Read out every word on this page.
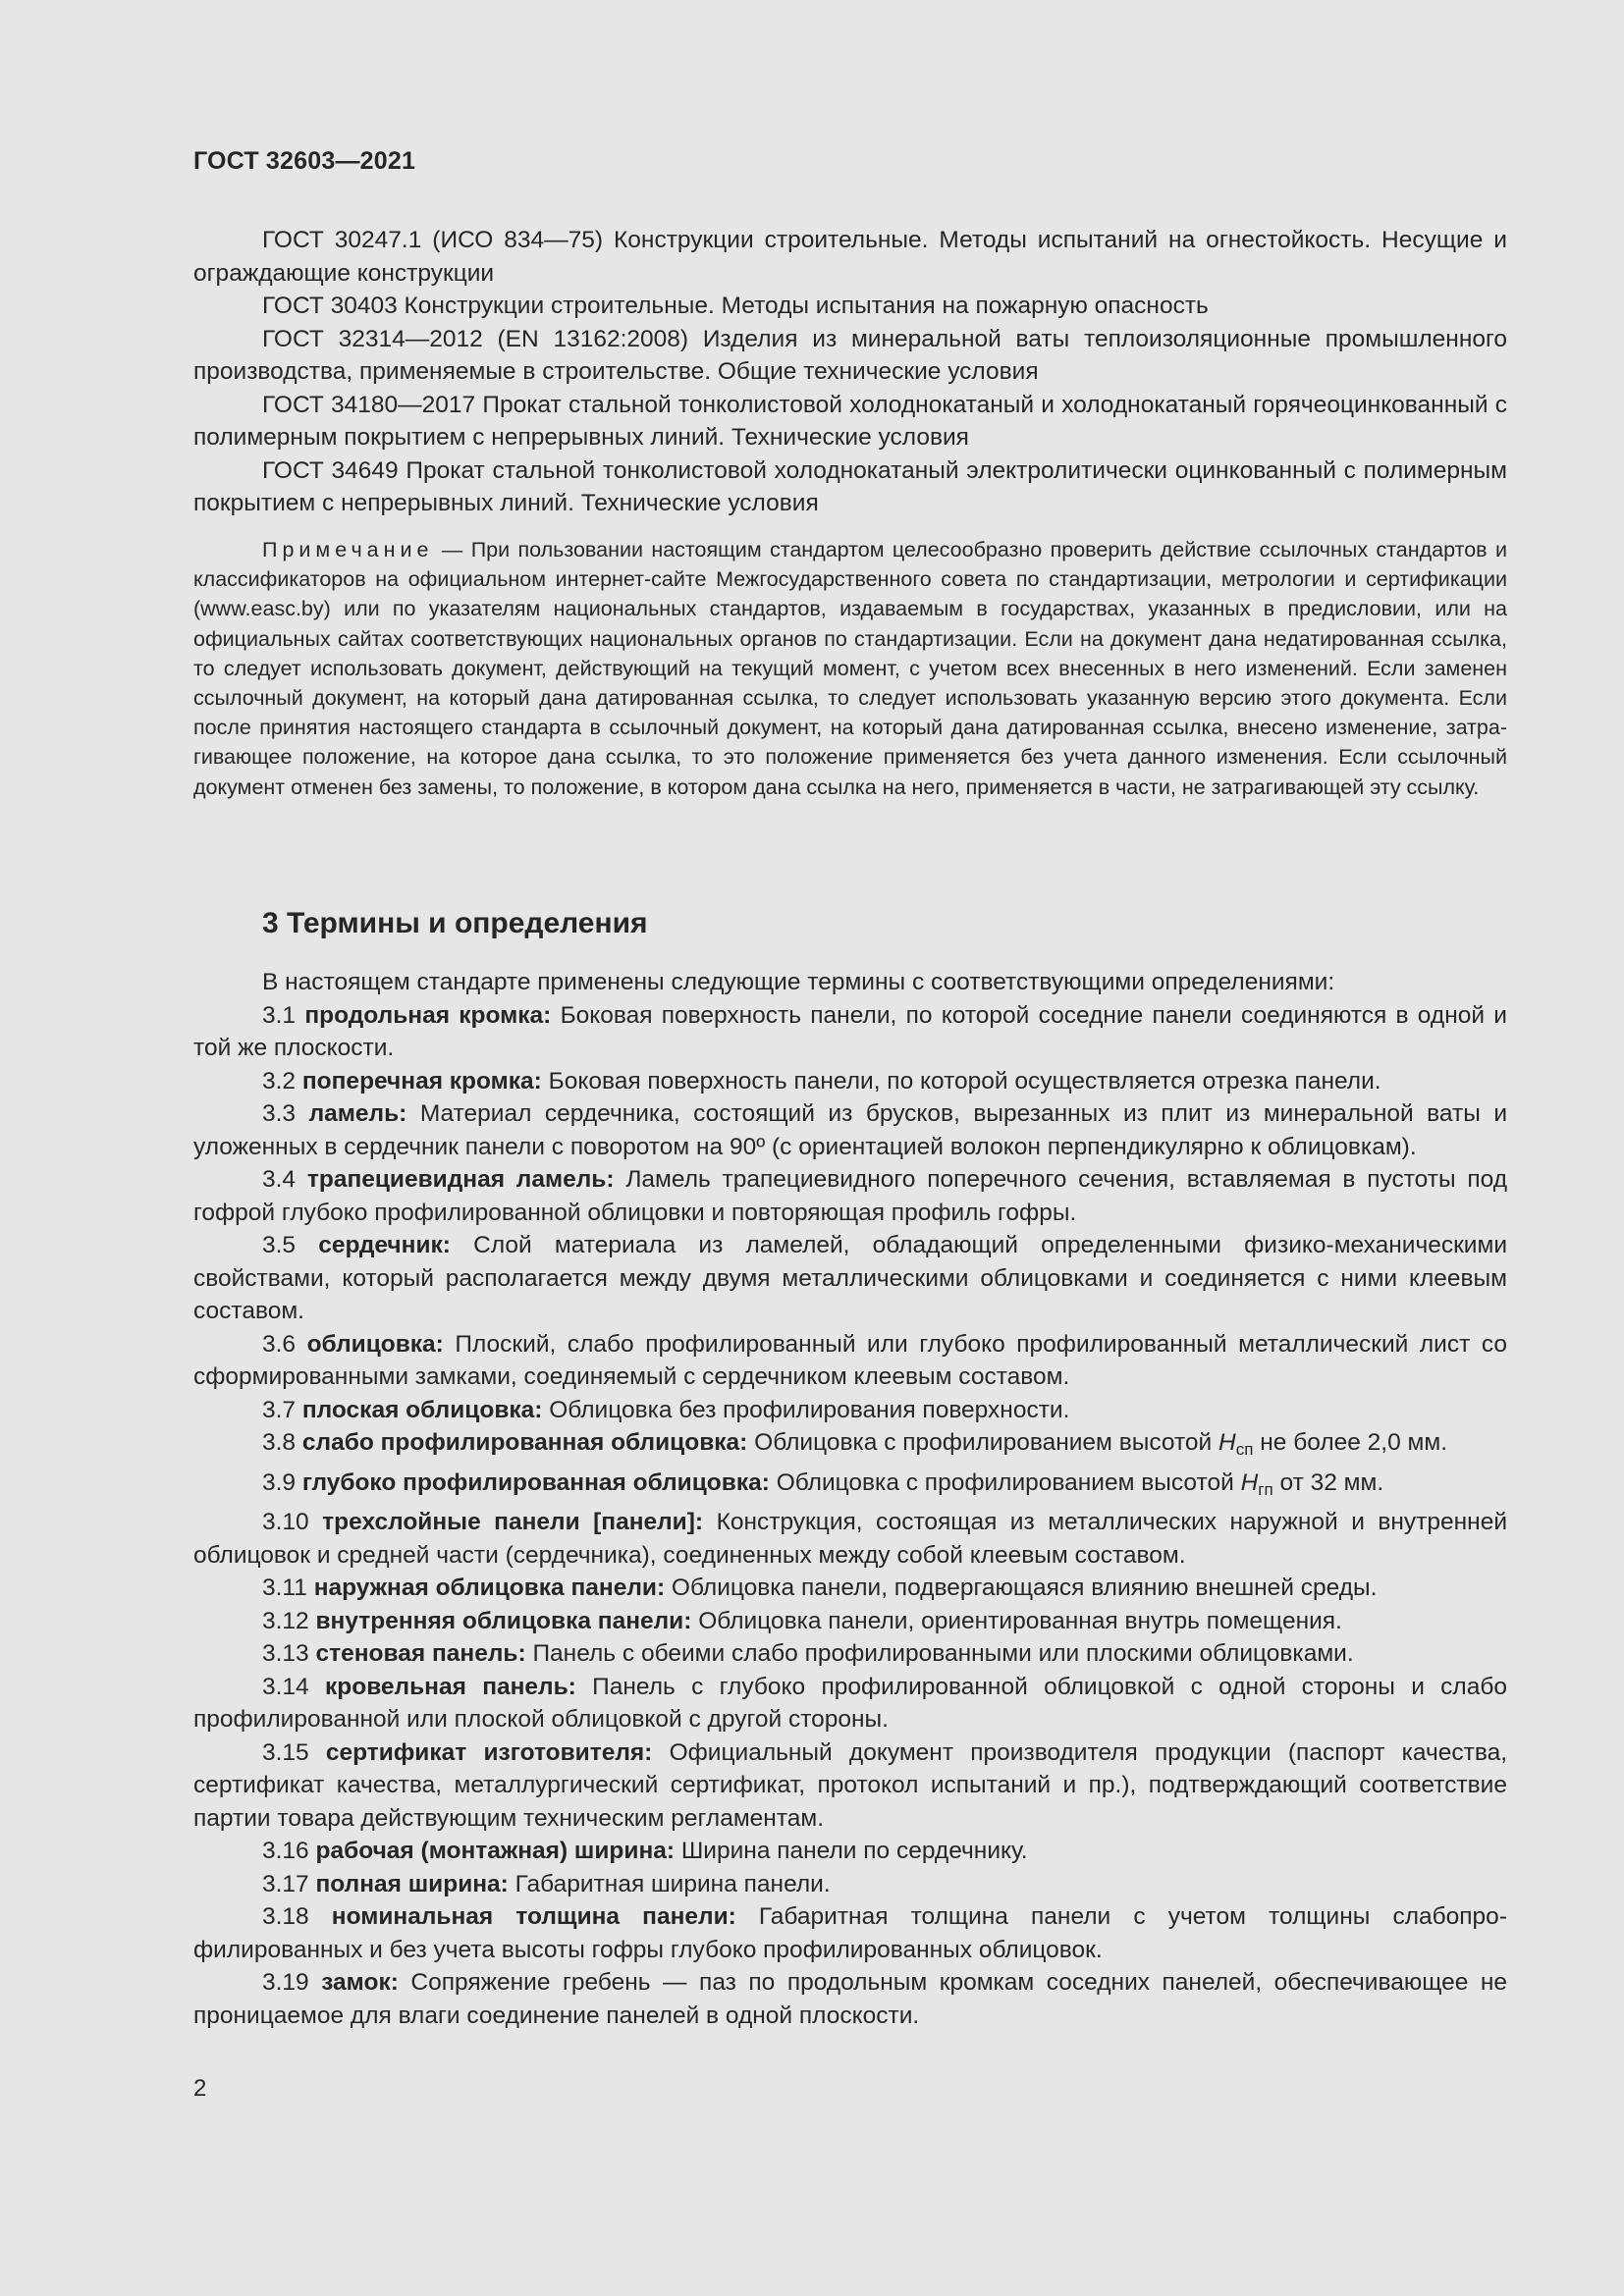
ГОСТ 32603—2021

ГОСТ 30247.1 (ИСО 834—75) Конструкции строительные. Методы испытаний на огнестойкость. Несущие и ограждающие конструкции

ГОСТ 30403 Конструкции строительные. Методы испытания на пожарную опасность

ГОСТ 32314—2012 (EN 13162:2008) Изделия из минеральной ваты теплоизоляционные промышленного производства, применяемые в строительстве. Общие технические условия

ГОСТ 34180—2017 Прокат стальной тонколистовой холоднокатаный и холоднокатаный горячеоцинкованный с полимерным покрытием с непрерывных линий. Технические условия

ГОСТ 34649 Прокат стальной тонколистовой холоднокатаный электролитически оцинкованный с полимерным покрытием с непрерывных линий. Технические условия

Примечание — При пользовании настоящим стандартом целесообразно проверить действие ссылочных стандартов и классификаторов на официальном интернет-сайте Межгосударственного совета по стандартизации, метрологии и сертификации (www.easc.by) или по указателям национальных стандартов, издаваемым в государствах, указанных в предисловии, или на официальных сайтах соответствующих национальных органов по стандартизации. Если на документ дана недатированная ссылка, то следует использовать документ, действующий на текущий момент, с учетом всех внесенных в него изменений. Если заменен ссылочный документ, на который дана датированная ссылка, то следует использовать указанную версию этого документа. Если после принятия настоящего стандарта в ссылочный документ, на который дана датированная ссылка, внесено изменение, затрагивающее положение, на которое дана ссылка, то это положение применяется без учета данного изменения. Если ссылочный документ отменен без замены, то положение, в котором дана ссылка на него, применяется в части, не затрагивающей эту ссылку.

3 Термины и определения

В настоящем стандарте применены следующие термины с соответствующими определениями:

3.1 продольная кромка: Боковая поверхность панели, по которой соседние панели соединяются в одной и той же плоскости.

3.2 поперечная кромка: Боковая поверхность панели, по которой осуществляется отрезка панели.

3.3 ламель: Материал сердечника, состоящий из брусков, вырезанных из плит из минеральной ваты и уложенных в сердечник панели с поворотом на 90º (с ориентацией волокон перпендикулярно к облицовкам).

3.4 трапециевидная ламель: Ламель трапециевидного поперечного сечения, вставляемая в пустоты под гофрой глубоко профилированной облицовки и повторяющая профиль гофры.

3.5 сердечник: Слой материала из ламелей, обладающий определенными физико-механическими свойствами, который располагается между двумя металлическими облицовками и соединяется с ними клеевым составом.

3.6 облицовка: Плоский, слабо профилированный или глубоко профилированный металлический лист со сформированными замками, соединяемый с сердечником клеевым составом.

3.7 плоская облицовка: Облицовка без профилирования поверхности.

3.8 слабо профилированная облицовка: Облицовка с профилированием высотой $H_{сп}$ не более 2,0 мм.

3.9 глубоко профилированная облицовка: Облицовка с профилированием высотой $H_{гп}$ от 32 мм.

3.10 трехслойные панели [панели]: Конструкция, состоящая из металлических наружной и внутренней облицовок и средней части (сердечника), соединенных между собой клеевым составом.

3.11 наружная облицовка панели: Облицовка панели, подвергающаяся влиянию внешней среды.

3.12 внутренняя облицовка панели: Облицовка панели, ориентированная внутрь помещения.

3.13 стеновая панель: Панель с обеими слабо профилированными или плоскими облицовками.

3.14 кровельная панель: Панель с глубоко профилированной облицовкой с одной стороны и слабо профилированной или плоской облицовкой с другой стороны.

3.15 сертификат изготовителя: Официальный документ производителя продукции (паспорт качества, сертификат качества, металлургический сертификат, протокол испытаний и пр.), подтверждающий соответствие партии товара действующим техническим регламентам.

3.16 рабочая (монтажная) ширина: Ширина панели по сердечнику.

3.17 полная ширина: Габаритная ширина панели.

3.18 номинальная толщина панели: Габаритная толщина панели с учетом толщины слабопрофилированных и без учета высоты гофры глубоко профилированных облицовок.

3.19 замок: Сопряжение гребень — паз по продольным кромкам соседних панелей, обеспечивающее не проницаемое для влаги соединение панелей в одной плоскости.

2
